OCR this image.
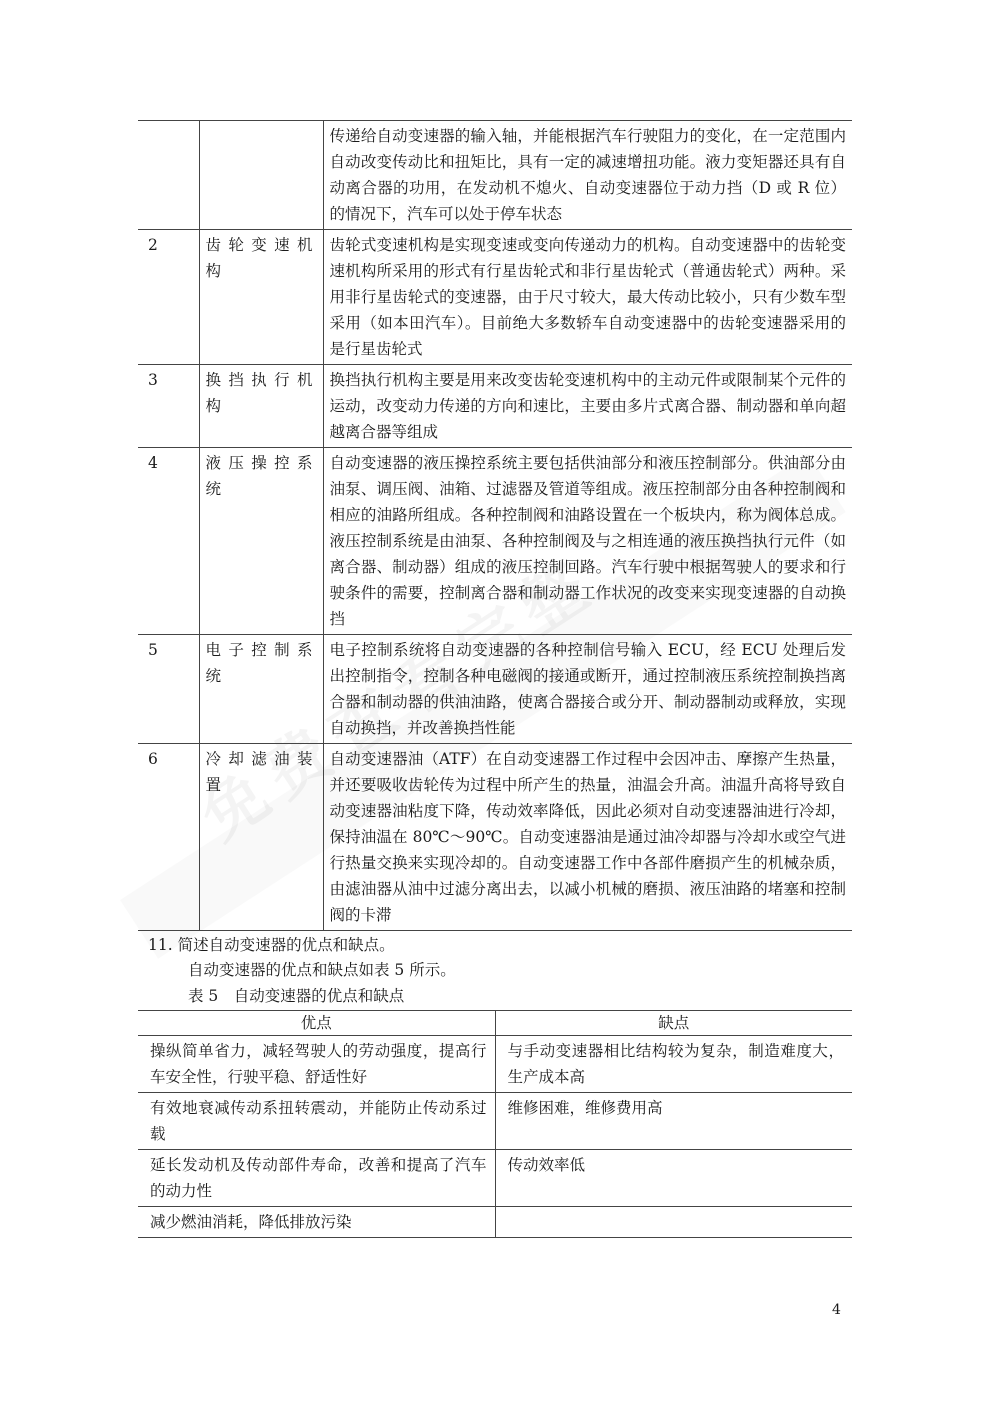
		传递给自动变速器的输入轴，并能根据汽车行驶阻力的变化，在一定范围内自动改变传动比和扭矩比，具有一定的减速增扭功能。液力变矩器还具有自动离合器的功用，在发动机不熄火、自动变速器位于动力挡（D 或 R 位）的情况下，汽车可以处于停车状态
2	齿轮变速机构	齿轮式变速机构是实现变速或变向传递动力的机构。自动变速器中的齿轮变速机构所采用的形式有行星齿轮式和非行星齿轮式（普通齿轮式）两种。采用非行星齿轮式的变速器，由于尺寸较大，最大传动比较小，只有少数车型采用（如本田汽车）。目前绝大多数轿车自动变速器中的齿轮变速器采用的是行星齿轮式
3	换挡执行机构	换挡执行机构主要是用来改变齿轮变速机构中的主动元件或限制某个元件的运动，改变动力传递的方向和速比，主要由多片式离合器、制动器和单向超越离合器等组成
4	液压操控系统	自动变速器的液压操控系统主要包括供油部分和液压控制部分。供油部分由油泵、调压阀、油箱、过滤器及管道等组成。液压控制部分由各种控制阀和相应的油路所组成。各种控制阀和油路设置在一个板块内，称为阀体总成。液压控制系统是由油泵、各种控制阀及与之相连通的液压换挡执行元件（如离合器、制动器）组成的液压控制回路。汽车行驶中根据驾驶人的要求和行驶条件的需要，控制离合器和制动器工作状况的改变来实现变速器的自动换挡
5	电子控制系统	电子控制系统将自动变速器的各种控制信号输入 ECU，经 ECU 处理后发出控制指令，控制各种电磁阀的接通或断开，通过控制液压系统控制换挡离合器和制动器的供油油路，使离合器接合或分开、制动器制动或释放，实现自动换挡，并改善换挡性能
6	冷却滤油装置	自动变速器油（ATF）在自动变速器工作过程中会因冲击、摩擦产生热量，并还要吸收齿轮传为过程中所产生的热量，油温会升高。油温升高将导致自动变速器油粘度下降，传动效率降低，因此必须对自动变速器油进行冷却，保持油温在 80℃～90℃。自动变速器油是通过油冷却器与冷却水或空气进行热量交换来实现冷却的。自动变速器工作中各部件磨损产生的机械杂质，由滤油器从油中过滤分离出去，以减小机械的磨损、液压油路的堵塞和控制阀的卡滞
11. 简述自动变速器的优点和缺点。
自动变速器的优点和缺点如表 5 所示。
表 5　自动变速器的优点和缺点
优点	缺点
操纵简单省力，减轻驾驶人的劳动强度，提高行车安全性，行驶平稳、舒适性好	与手动变速器相比结构较为复杂，制造难度大，生产成本高
有效地衰减传动系扭转震动，并能防止传动系过载	维修困难，维修费用高
延长发动机及传动部件寿命，改善和提高了汽车的动力性	传动效率低
减少燃油消耗，降低排放污染	
4
